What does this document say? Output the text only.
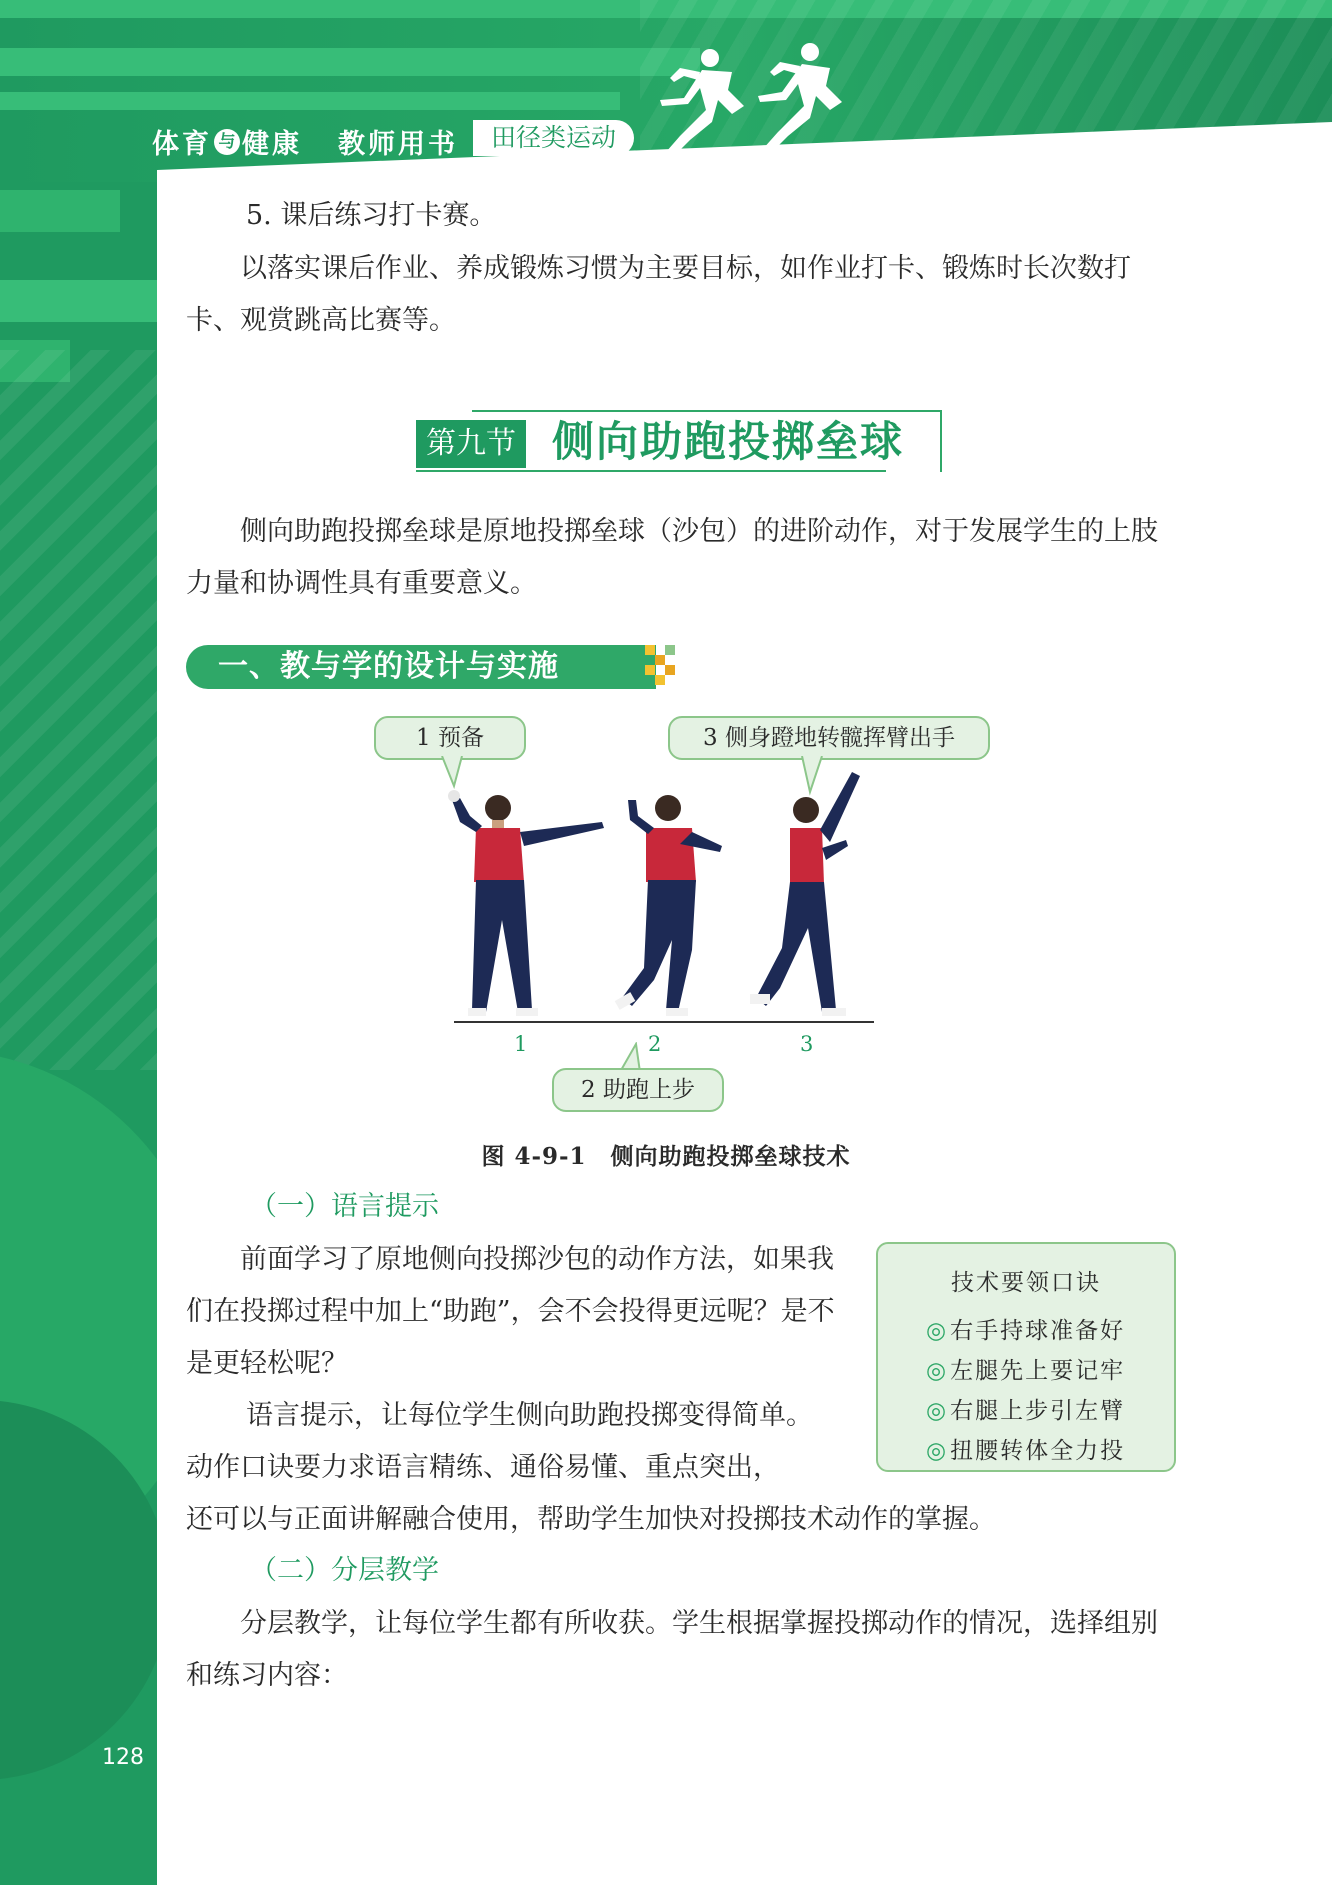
体育 与 健康 教师用书	田径类运动

5. 课后练习打卡赛。

以落实课后作业、养成锻炼习惯为主要目标，如作业打卡、锻炼时长次数打卡、观赏跳高比赛等。

第九节 侧向助跑投掷垒球

侧向助跑投掷垒球是原地投掷垒球（沙包）的进阶动作，对于发展学生的上肢力量和协调性具有重要意义。

一、教与学的设计与实施
1 预备	3 侧身蹬地转髋挥臂出手
1	2	3
2 助跑上步
图 4-9-1　侧向助跑投掷垒球技术
（一）语言提示

前面学习了原地侧向投掷沙包的动作方法，如果我们在投掷过程中加上“助跑”，会不会投得更远呢？是不是更轻松呢？

语言提示，让每位学生侧向助跑投掷变得简单。

动作口诀要力求语言精练、通俗易懂、重点突出，

还可以与正面讲解融合使用，帮助学生加快对投掷技术动作的掌握。

技术要领口诀
◎右手持球准备好
◎左腿先上要记牢
◎右腿上步引左臂
◎扭腰转体全力投
（二）分层教学

分层教学，让每位学生都有所收获。学生根据掌握投掷动作的情况，选择组别和练习内容：

128
